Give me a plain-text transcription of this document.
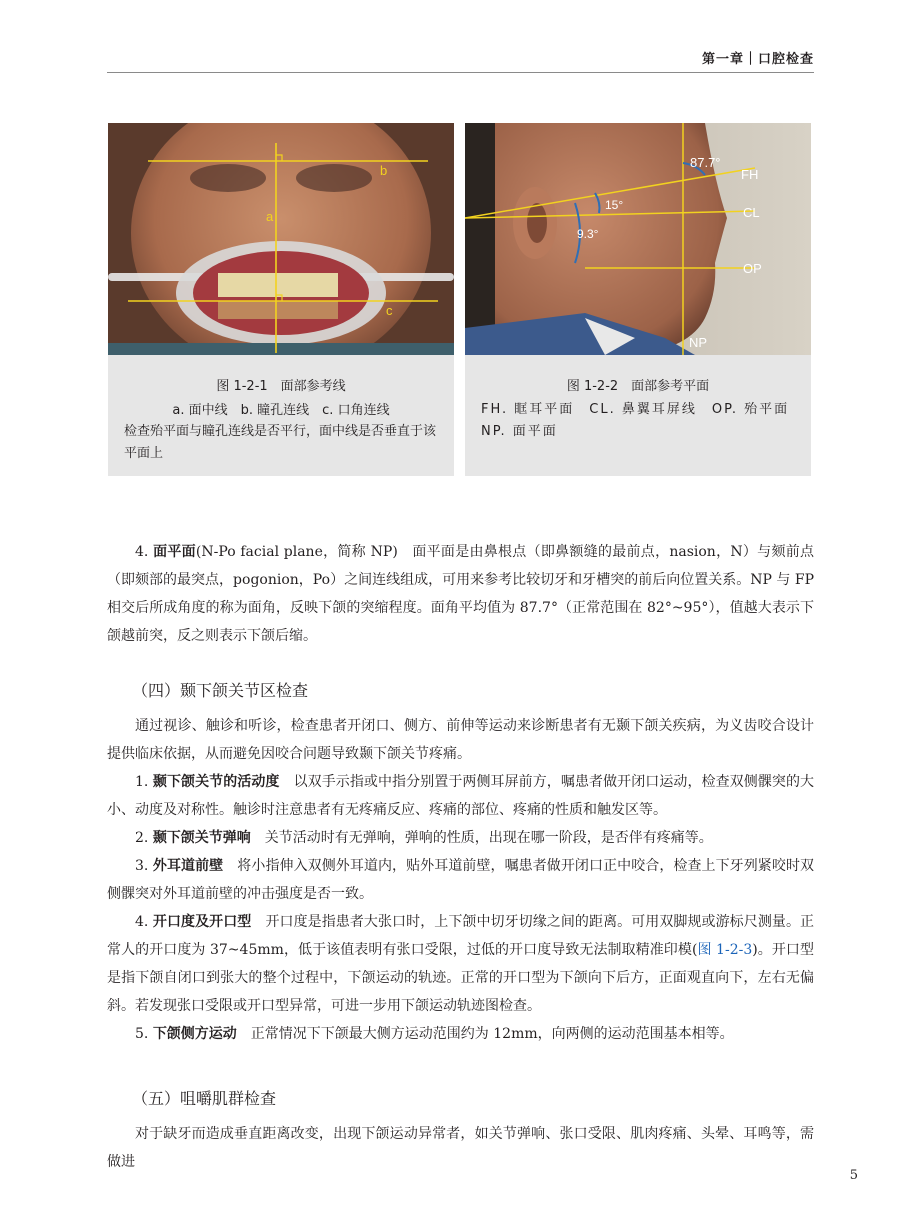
第一章｜口腔检查
a
b
c
图 1-2-1　面部参考线
a. 面中线　b. 瞳孔连线　c. 口角连线
检查殆平面与瞳孔连线是否平行，面中线是否垂直于该平面上
87.7°
FH
15°	CL
9.3°
OP
NP
图 1-2-2　面部参考平面
FH. 眶耳平面　CL. 鼻翼耳屏线　OP. 殆平面　NP. 面平面

4. 面平面(N-Po facial plane，简称 NP)　面平面是由鼻根点（即鼻额缝的最前点，nasion，N）与颏前点（即颏部的最突点，pogonion，Po）之间连线组成，可用来参考比较切牙和牙槽突的前后向位置关系。NP 与 FP 相交后所成角度的称为面角，反映下颌的突缩程度。面角平均值为 87.7°（正常范围在 82°~95°），值越大表示下颌越前突，反之则表示下颌后缩。

（四）颞下颌关节区检查

通过视诊、触诊和听诊，检查患者开闭口、侧方、前伸等运动来诊断患者有无颞下颌关疾病，为义齿咬合设计提供临床依据，从而避免因咬合问题导致颞下颌关节疼痛。

1. 颞下颌关节的活动度　以双手示指或中指分别置于两侧耳屏前方，嘱患者做开闭口运动，检查双侧髁突的大小、动度及对称性。触诊时注意患者有无疼痛反应、疼痛的部位、疼痛的性质和触发区等。

2. 颞下颌关节弹响　关节活动时有无弹响，弹响的性质，出现在哪一阶段，是否伴有疼痛等。

3. 外耳道前壁　将小指伸入双侧外耳道内，贴外耳道前壁，嘱患者做开闭口正中咬合，检查上下牙列紧咬时双侧髁突对外耳道前壁的冲击强度是否一致。

4. 开口度及开口型　开口度是指患者大张口时，上下颌中切牙切缘之间的距离。可用双脚规或游标尺测量。正常人的开口度为 37~45mm，低于该值表明有张口受限，过低的开口度导致无法制取精准印模(图 1-2-3)。开口型是指下颌自闭口到张大的整个过程中，下颌运动的轨迹。正常的开口型为下颌向下后方，正面观直向下，左右无偏斜。若发现张口受限或开口型异常，可进一步用下颌运动轨迹图检查。

5. 下颌侧方运动　正常情况下下颌最大侧方运动范围约为 12mm，向两侧的运动范围基本相等。

（五）咀嚼肌群检查

对于缺牙而造成垂直距离改变，出现下颌运动异常者，如关节弹响、张口受限、肌肉疼痛、头晕、耳鸣等，需做进

5
